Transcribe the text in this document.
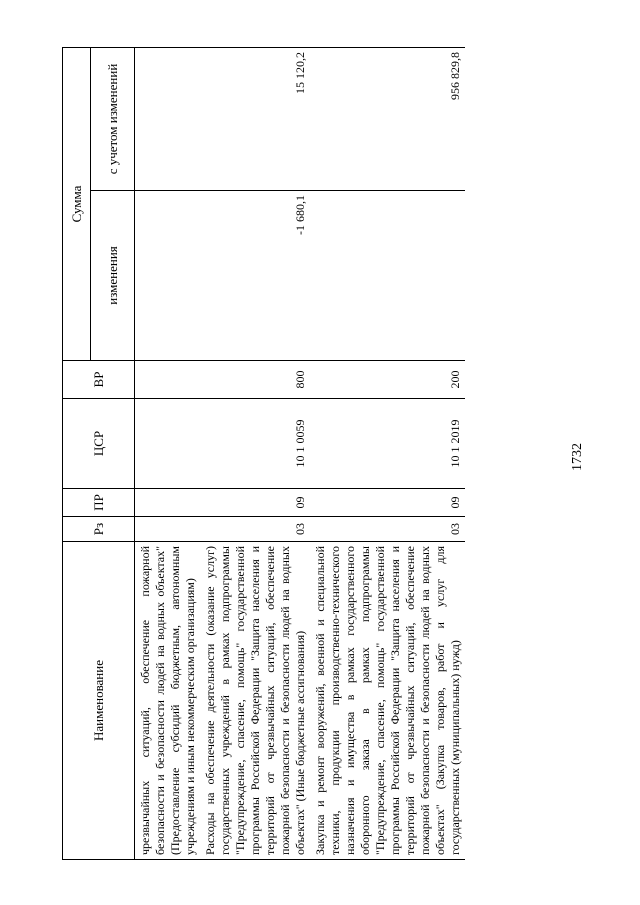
1732
Наименование	Рз	ПР	ЦСР	ВР	Сумма	
					изменения	с учетом изменений
чрезвычайных ситуаций, обеспечение пожарной безопасности и безопасности людей на водных объектах" (Предоставление субсидий бюджетным, автономным учреждениям и иным некоммерческим организациям)						
Расходы на обеспечение деятельности (оказание услуг) государственных учреждений в рамках подпрограммы "Предупреждение, спасение, помощь" государственной программы Российской Федерации "Защита населения и территорий от чрезвычайных ситуаций, обеспечение пожарной безопасности и безопасности людей на водных объектах" (Иные бюджетные ассигнования)	03	09	10 1 0059	800	-1 680,1	15 120,2
Закупка и ремонт вооружений, военной и специальной техники, продукции производственно-технического назначения и имущества в рамках государственного оборонного заказа в рамках подпрограммы "Предупреждение, спасение, помощь" государственной программы Российской Федерации "Защита населения и территорий от чрезвычайных ситуаций, обеспечение пожарной безопасности и безопасности людей на водных объектах" (Закупка товаров, работ и услуг для государственных (муниципальных) нужд)	03	09	10 1 2019	200		956 829,8
